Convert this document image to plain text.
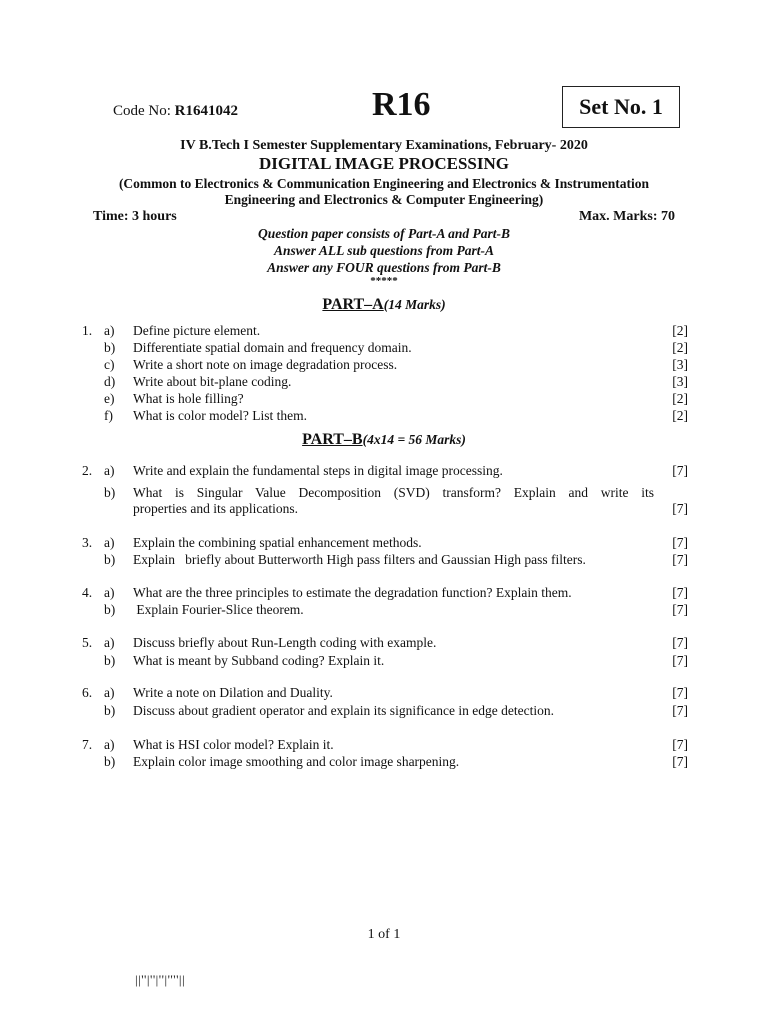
Code No: R1641042	R16	Set No. 1
IV B.Tech I Semester Supplementary Examinations, February- 2020
DIGITAL IMAGE PROCESSING
(Common to Electronics & Communication Engineering and Electronics & Instrumentation
Engineering and Electronics & Computer Engineering)
Time: 3 hours	Max. Marks: 70
Question paper consists of Part-A and Part-B
Answer ALL sub questions from Part-A
Answer any FOUR questions from Part-B
*****
PART–A(14 Marks)
1. a) Define picture element.	[2]
b) Differentiate spatial domain and frequency domain.	[2]
c) Write a short note on image degradation process.	[3]
d) Write about bit-plane coding.	[3]
e) What is hole filling?	[2]
f) What is color model? List them.	[2]
PART–B(4x14 = 56 Marks)
2. a) Write and explain the fundamental steps in digital image processing.	[7]
b) What is Singular Value Decomposition (SVD) transform? Explain and write its
properties and its applications.	[7]
3. a) Explain the combining spatial enhancement methods.	[7]
b) Explain   briefly about Butterworth High pass filters and Gaussian High pass filters.	[7]
4. a) What are the three principles to estimate the degradation function? Explain them.	[7]
b) Explain Fourier-Slice theorem.	[7]
5. a) Discuss briefly about Run-Length coding with example.	[7]
b) What is meant by Subband coding? Explain it.	[7]
6. a) Write a note on Dilation and Duality.	[7]
b) Discuss about gradient operator and explain its significance in edge detection.	[7]
7. a) What is HSI color model? Explain it.	[7]
b) Explain color image smoothing and color image sharpening.	[7]
1 of 1
||''|''|''|''''||
